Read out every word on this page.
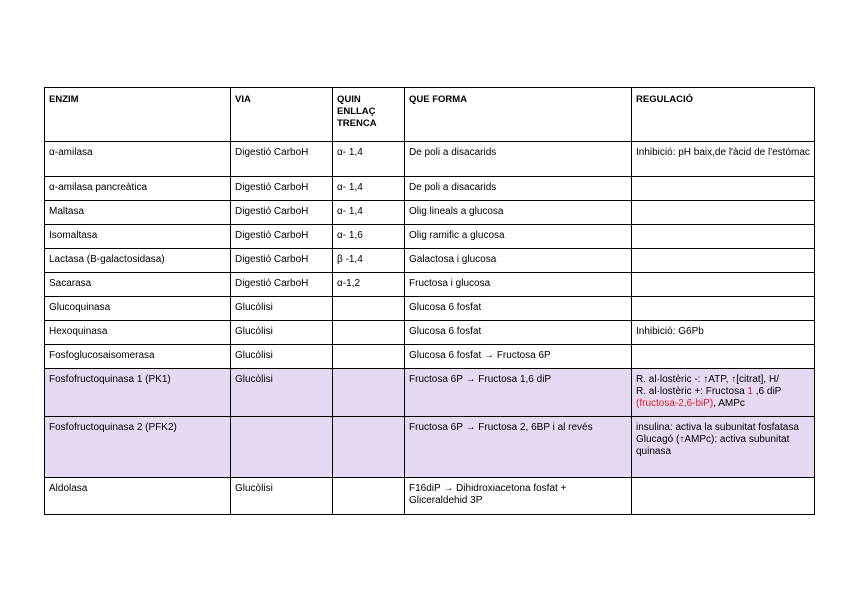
ENZIM	VIA	QUIN ENLLAÇ TRENCA	QUE FORMA	REGULACIÓ
α-amilasa	Digestió CarboH	α- 1,4	De poli a disacarids	Inhibició: pH baix,de l'àcid de l'estómac
α-amilasa pancreàtica	Digestió CarboH	α- 1,4	De poli a disacarids	
Maltasa	Digestió CarboH	α- 1,4	Olig lineals a glucosa	
Isomaltasa	Digestió CarboH	α- 1,6	Olig ramific a glucosa	
Lactasa (B-galactosidasa)	Digestió CarboH	β -1,4	Galactosa i glucosa	
Sacarasa	Digestió CarboH	α-1,2	Fructosa i glucosa	
Glucoquinasa	Glucòlisi		Glucosa 6 fosfat	
Hexoquinasa	Glucòlisi		Glucosa 6 fosfat	Inhibició: G6Pb
Fosfoglucosaisomerasa	Glucòlisi		Glucosa 6 fosfat → Fructosa 6P	
Fosfofructoquinasa 1 (PK1)	Glucòlisi		Fructosa 6P → Fructosa 1,6 diP	R. al·lostèric -: ↑ATP, ↑[citrat], H/
R. al·lostèric +: Fructosa 1 ,6 diP
(fructosa-2,6-biP), AMPc
Fosfofructoquinasa 2 (PFK2)			Fructosa 6P → Fructosa 2, 6BP i al revés	insulina: activa la subunitat fosfatasa
Glucagó (↑AMPc): activa subunitat quinasa
Aldolasa	Glucòlisi		F16diP → Dihidroxiacetona fosfat + Gliceraldehid 3P	
